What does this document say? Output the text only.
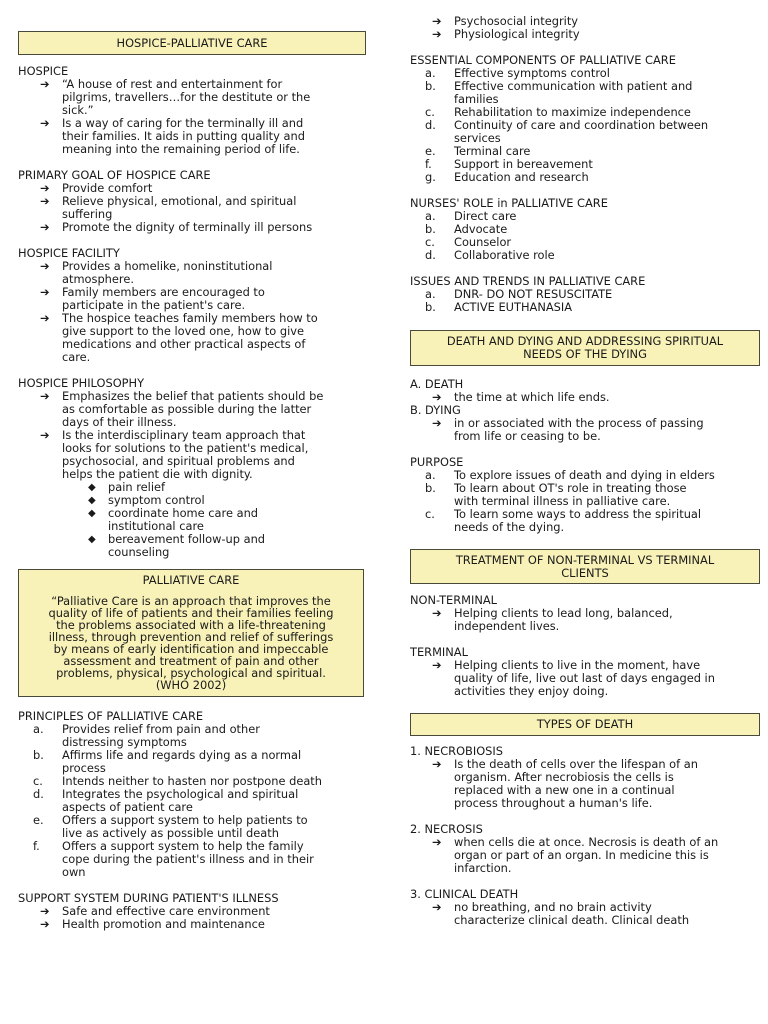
HOSPICE-PALLIATIVE CARE
HOSPICE
➔ “A house of rest and entertainment for
pilgrims, travellers…for the destitute or the
sick.”
➔ Is a way of caring for the terminally ill and
their families. It aids in putting quality and
meaning into the remaining period of life.
PRIMARY GOAL OF HOSPICE CARE
➔ Provide comfort
➔ Relieve physical, emotional, and spiritual
suffering
➔ Promote the dignity of terminally ill persons
HOSPICE FACILITY
➔ Provides a homelike, noninstitutional
atmosphere.
➔ Family members are encouraged to
participate in the patient's care.
➔ The hospice teaches family members how to
give support to the loved one, how to give
medications and other practical aspects of
care.
HOSPICE PHILOSOPHY
➔ Emphasizes the belief that patients should be
as comfortable as possible during the latter
days of their illness.
➔ Is the interdisciplinary team approach that
looks for solutions to the patient's medical,
psychosocial, and spiritual problems and
helps the patient die with dignity.
◆ pain relief
◆ symptom control
◆ coordinate home care and
institutional care
◆ bereavement follow-up and
counseling
PALLIATIVE CARE
“Palliative Care is an approach that improves the
quality of life of patients and their families feeling
the problems associated with a life-threatening
illness, through prevention and relief of sufferings
by means of early identification and impeccable
assessment and treatment of pain and other
problems, physical, psychological and spiritual.
(WHO 2002)
PRINCIPLES OF PALLIATIVE CARE
a. Provides relief from pain and other
distressing symptoms
b. Affirms life and regards dying as a normal
process
c. Intends neither to hasten nor postpone death
d. Integrates the psychological and spiritual
aspects of patient care
e. Offers a support system to help patients to
live as actively as possible until death
f. Offers a support system to help the family
cope during the patient's illness and in their
own
SUPPORT SYSTEM DURING PATIENT'S ILLNESS
➔ Safe and effective care environment
➔ Health promotion and maintenance
➔ Psychosocial integrity
➔ Physiological integrity
ESSENTIAL COMPONENTS OF PALLIATIVE CARE
a. Effective symptoms control
b. Effective communication with patient and
families
c. Rehabilitation to maximize independence
d. Continuity of care and coordination between
services
e. Terminal care
f. Support in bereavement
g. Education and research
NURSES' ROLE in PALLIATIVE CARE
a. Direct care
b. Advocate
c. Counselor
d. Collaborative role
ISSUES AND TRENDS IN PALLIATIVE CARE
a. DNR- DO NOT RESUSCITATE
b. ACTIVE EUTHANASIA
DEATH AND DYING AND ADDRESSING SPIRITUAL
NEEDS OF THE DYING
A. DEATH
➔ the time at which life ends.
B. DYING
➔ in or associated with the process of passing
from life or ceasing to be.
PURPOSE
a. To explore issues of death and dying in elders
b. To learn about OT's role in treating those
with terminal illness in palliative care.
c. To learn some ways to address the spiritual
needs of the dying.
TREATMENT OF NON-TERMINAL VS TERMINAL
CLIENTS
NON-TERMINAL
➔ Helping clients to lead long, balanced,
independent lives.
TERMINAL
➔ Helping clients to live in the moment, have
quality of life, live out last of days engaged in
activities they enjoy doing.
TYPES OF DEATH
1. NECROBIOSIS
➔ Is the death of cells over the lifespan of an
organism. After necrobiosis the cells is
replaced with a new one in a continual
process throughout a human's life.
2. NECROSIS
➔ when cells die at once. Necrosis is death of an
organ or part of an organ. In medicine this is
infarction.
3. CLINICAL DEATH
➔ no breathing, and no brain activity
characterize clinical death. Clinical death
